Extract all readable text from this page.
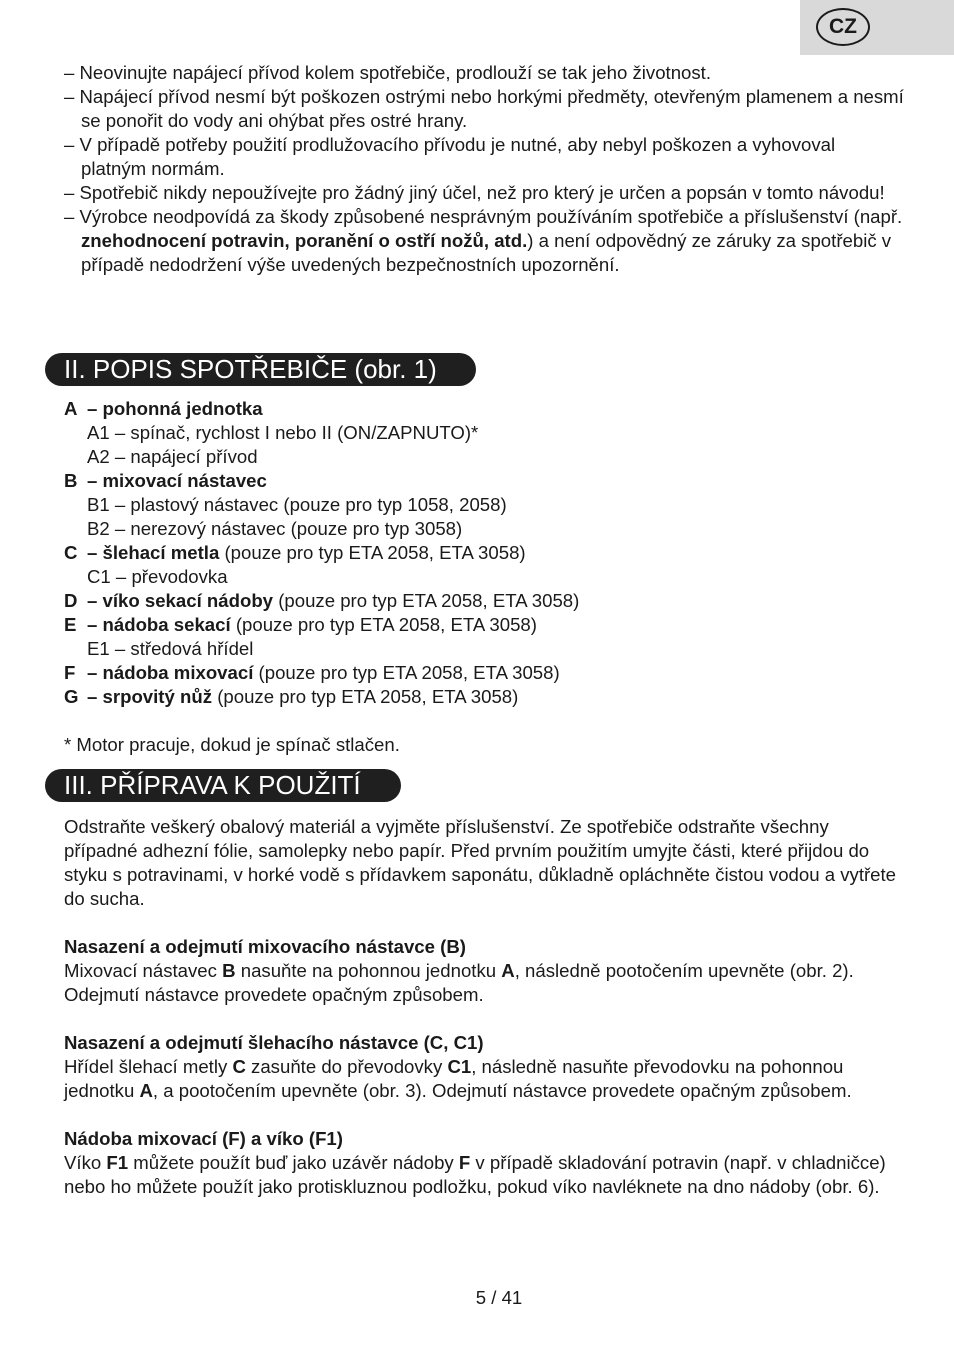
CZ

– Neovinujte napájecí přívod kolem spotřebiče, prodlouží se tak jeho životnost.

– Napájecí přívod nesmí být poškozen ostrými nebo horkými předměty, otevřeným plamenem a nesmí se ponořit do vody ani ohýbat přes ostré hrany.

– V případě potřeby použití prodlužovacího přívodu je nutné, aby nebyl poškozen a vyhovoval platným normám.

– Spotřebič nikdy nepoužívejte pro žádný jiný účel, než pro který je určen a popsán v tomto návodu!

– Výrobce neodpovídá za škody způsobené nesprávným používáním spotřebiče a příslušenství (např. znehodnocení potravin, poranění o ostří nožů, atd.) a není odpovědný ze záruky za spotřebič v případě nedodržení výše uvedených bezpečnostních upozornění.

II. POPIS SPOTŘEBIČE (obr. 1)
A – pohonná jednotka
A1 – spínač, rychlost I nebo II (ON/ZAPNUTO)*
A2 – napájecí přívod
B – mixovací nástavec
B1 – plastový nástavec (pouze pro typ 1058, 2058)
B2 – nerezový nástavec (pouze pro typ 3058)
C – šlehací metla (pouze pro typ ETA 2058, ETA 3058)
C1 – převodovka
D – víko sekací nádoby (pouze pro typ ETA 2058, ETA 3058)
E – nádoba sekací (pouze pro typ ETA 2058, ETA 3058)
E1 – středová hřídel
F – nádoba mixovací (pouze pro typ ETA 2058, ETA 3058)
G – srpovitý nůž (pouze pro typ ETA 2058, ETA 3058)
* Motor pracuje, dokud je spínač stlačen.
III. PŘÍPRAVA K POUŽITÍ

Odstraňte veškerý obalový materiál a vyjměte příslušenství. Ze spotřebiče odstraňte všechny případné adhezní fólie, samolepky nebo papír. Před prvním použitím umyjte části, které přijdou do styku s potravinami, v horké vodě s přídavkem saponátu, důkladně opláchněte čistou vodou a vytřete do sucha.

Nasazení a odejmutí mixovacího nástavce (B)
Mixovací nástavec B nasuňte na pohonnou jednotku A, následně pootočením upevněte (obr. 2). Odejmutí nástavce provedete opačným způsobem.

Nasazení a odejmutí šlehacího nástavce (C, C1)
Hřídel šlehací metly C zasuňte do převodovky C1, následně nasuňte převodovku na pohonnou jednotku A, a pootočením upevněte (obr. 3). Odejmutí nástavce provedete opačným způsobem.

Nádoba mixovací (F) a víko (F1)
Víko F1 můžete použít buď jako uzávěr nádoby F v případě skladování potravin (např. v chladničce) nebo ho můžete použít jako protiskluznou podložku, pokud víko navléknete na dno nádoby (obr. 6).

5 / 41
